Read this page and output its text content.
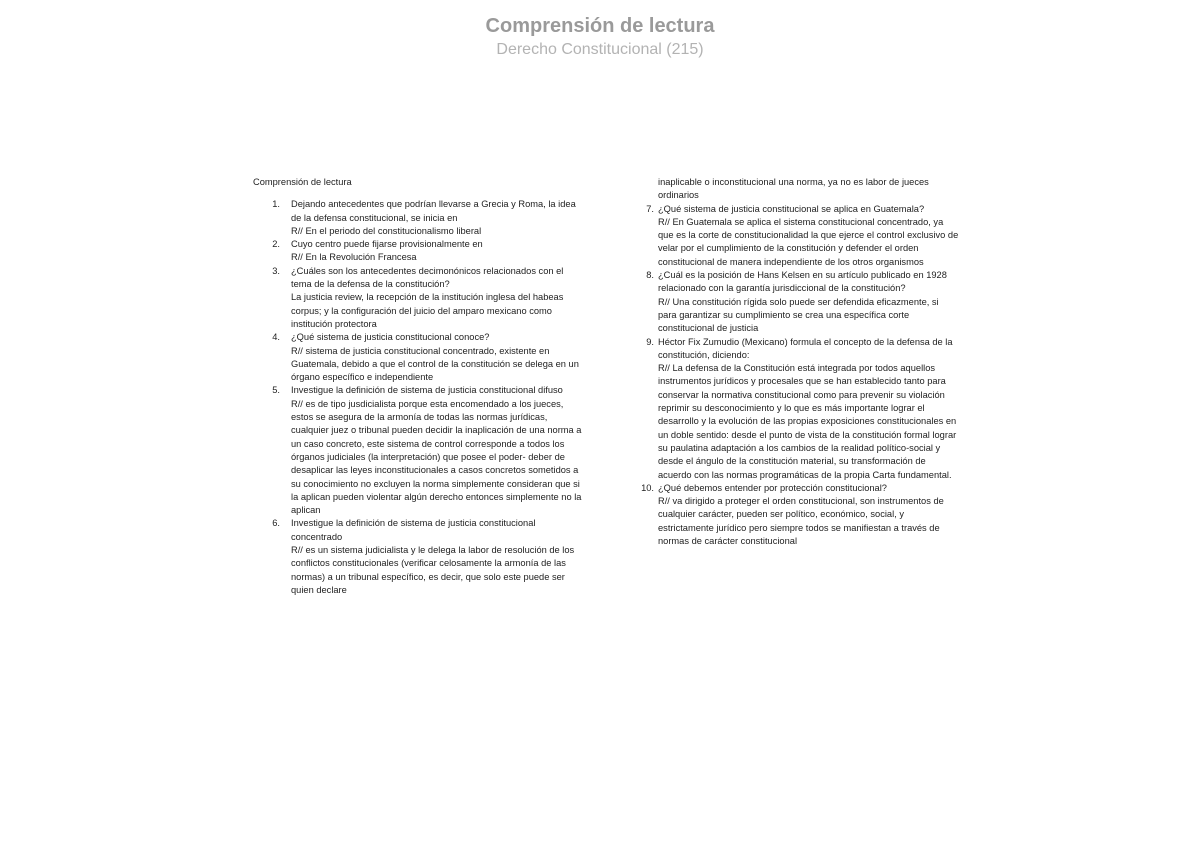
Comprensión de lectura
Derecho Constitucional (215)
Comprensión de lectura
1. Dejando antecedentes que podrían llevarse a Grecia y Roma, la idea de la defensa constitucional, se inicia en

R// En el periodo del constitucionalismo liberal

2. Cuyo centro puede fijarse provisionalmente en

R// En la Revolución Francesa

3. ¿Cuáles son los antecedentes decimonónicos relacionados con el tema de la defensa de la constitución?

La justicia review, la recepción de la institución inglesa del habeas corpus; y la configuración del juicio del amparo mexicano como institución protectora

4. ¿Qué sistema de justicia constitucional conoce?

R// sistema de justicia constitucional concentrado, existente en Guatemala, debido a que el control de la constitución se delega en un órgano específico e independiente

5. Investigue la definición de sistema de justicia constitucional difuso

R// es de tipo jusdicialista porque esta encomendado a los jueces, estos se asegura de la armonía de todas las normas jurídicas, cualquier juez o tribunal pueden decidir la inaplicación de una norma a un caso concreto, este sistema de control corresponde a todos los órganos judiciales (la interpretación) que posee el poder- deber de desaplicar las leyes inconstitucionales a casos concretos sometidos a su conocimiento no excluyen la norma simplemente consideran que si la aplican pueden violentar algún derecho entonces simplemente no la aplican

6. Investigue la definición de sistema de justicia constitucional concentrado

R// es un sistema judicialista y le delega la labor de resolución de los conflictos constitucionales (verificar celosamente la armonía de las normas) a un tribunal específico, es decir, que solo este puede ser quien declare

inaplicable o inconstitucional una norma, ya no es labor de jueces ordinarios

7. ¿Qué sistema de justicia constitucional se aplica en Guatemala?

R// En Guatemala se aplica el sistema constitucional concentrado, ya que es la corte de constitucionalidad la que ejerce el control exclusivo de velar por el cumplimiento de la constitución y defender el orden constitucional de manera independiente de los otros organismos

8. ¿Cuál es la posición de Hans Kelsen en su artículo publicado en 1928 relacionado con la garantía jurisdiccional de la constitución?

R// Una constitución rígida solo puede ser defendida eficazmente, si para garantizar su cumplimiento se crea una específica corte constitucional de justicia

9. Héctor Fix Zumudio (Mexicano) formula el concepto de la defensa de la constitución, diciendo:

R// La defensa de la Constitución está integrada por todos aquellos instrumentos jurídicos y procesales que se han establecido tanto para conservar la normativa constitucional como para prevenir su violación reprimir su desconocimiento y lo que es más importante lograr el desarrollo y la evolución de las propias exposiciones constitucionales en un doble sentido: desde el punto de vista de la constitución formal lograr su paulatina adaptación a los cambios de la realidad político-social y desde el ángulo de la constitución material, su transformación de acuerdo con las normas programáticas de la propia Carta fundamental.

10. ¿Qué debemos entender por protección constitucional?

R// va dirigido a proteger el orden constitucional, son instrumentos de cualquier carácter, pueden ser político, económico, social, y estrictamente jurídico pero siempre todos se manifiestan a través de normas de carácter constitucional
